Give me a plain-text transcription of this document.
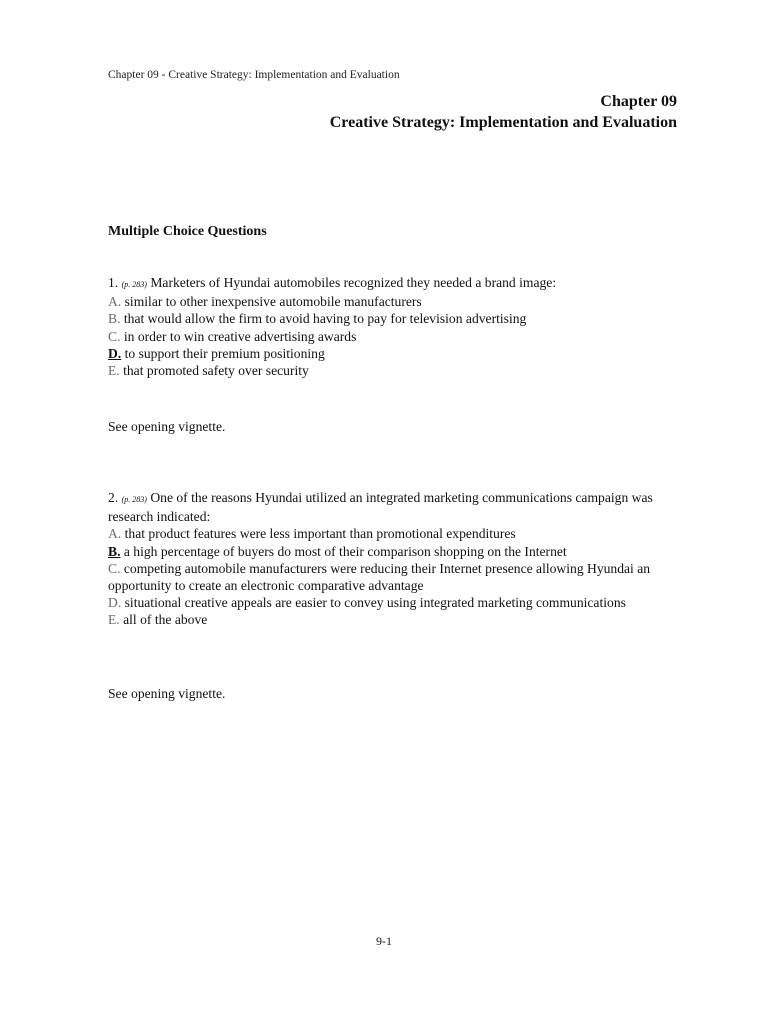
Chapter 09 - Creative Strategy: Implementation and Evaluation
Chapter 09
Creative Strategy: Implementation and Evaluation
Multiple Choice Questions
1. (p. 283) Marketers of Hyundai automobiles recognized they needed a brand image:
A. similar to other inexpensive automobile manufacturers
B. that would allow the firm to avoid having to pay for television advertising
C. in order to win creative advertising awards
D. to support their premium positioning
E. that promoted safety over security
See opening vignette.
2. (p. 283) One of the reasons Hyundai utilized an integrated marketing communications campaign was research indicated:
A. that product features were less important than promotional expenditures
B. a high percentage of buyers do most of their comparison shopping on the Internet
C. competing automobile manufacturers were reducing their Internet presence allowing Hyundai an opportunity to create an electronic comparative advantage
D. situational creative appeals are easier to convey using integrated marketing communications
E. all of the above
See opening vignette.
9-1
